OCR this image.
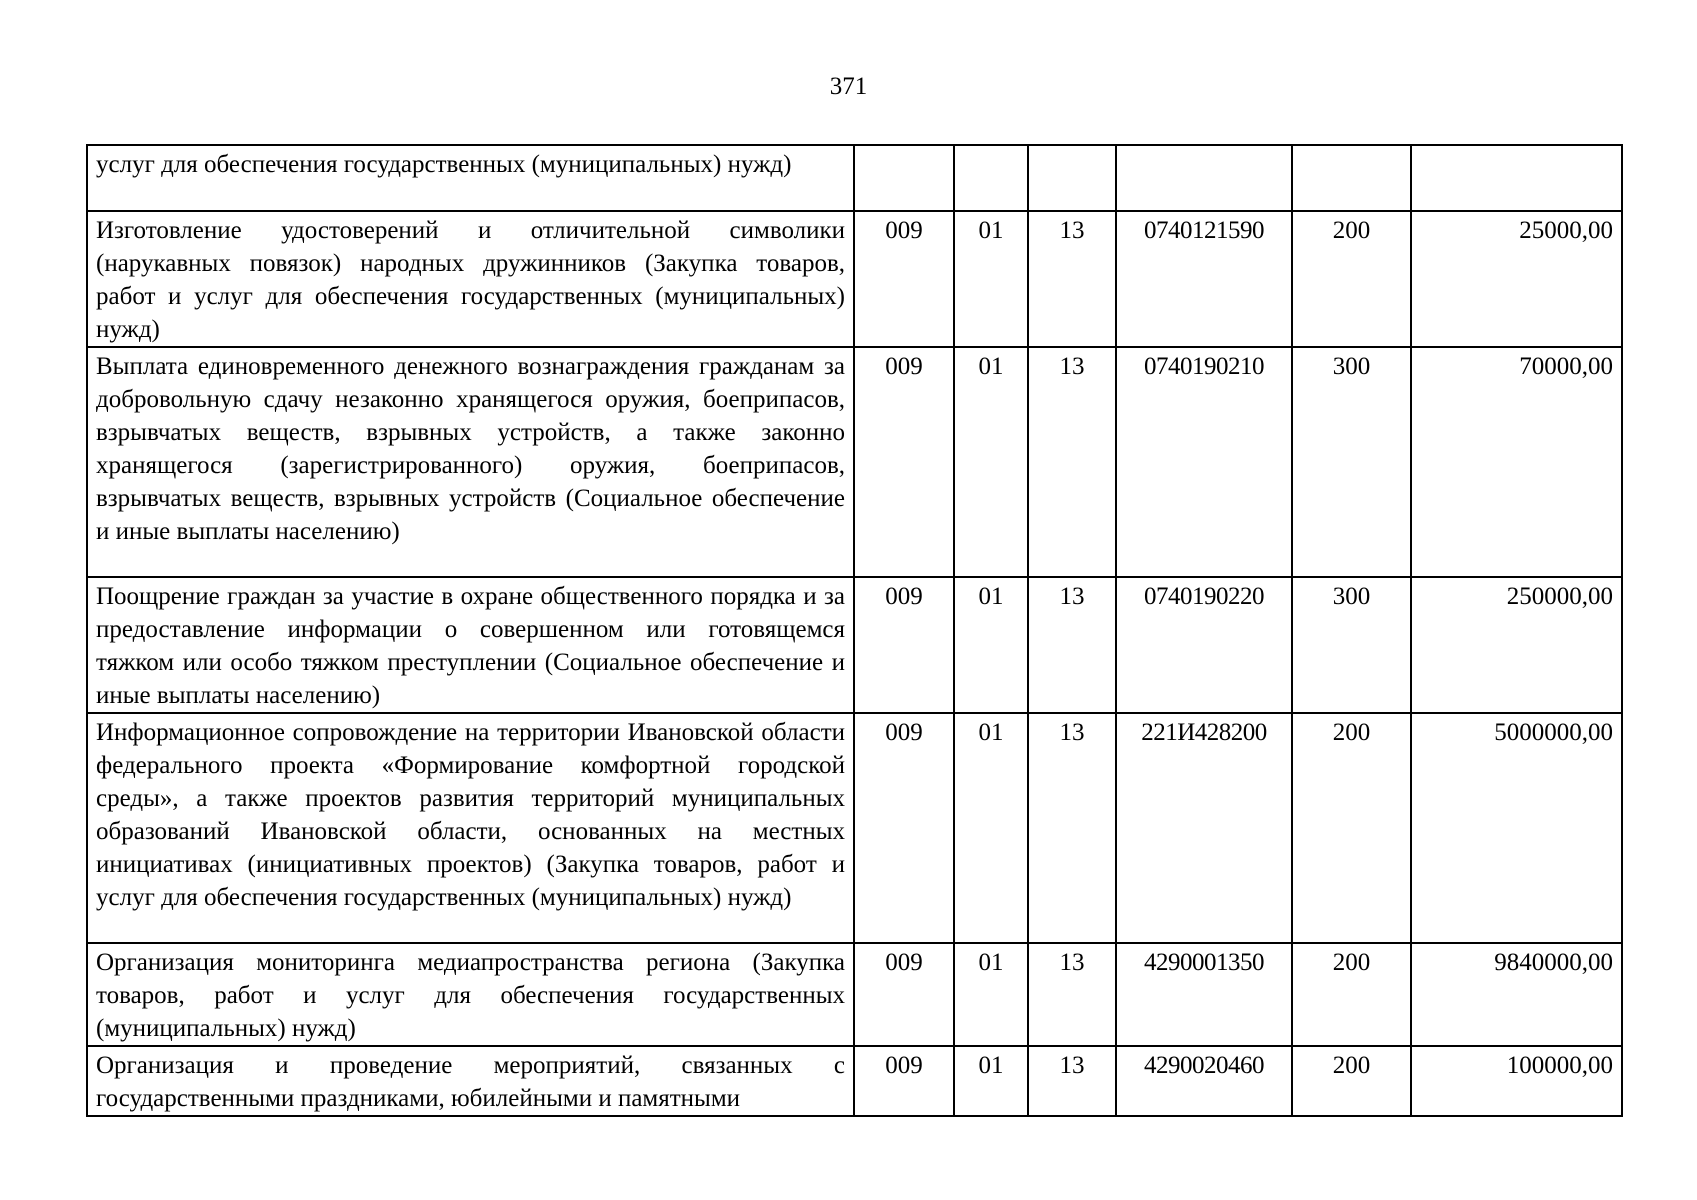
371
услуг для обеспечения государственных (муниципальных) нужд)						
Изготовление удостоверений и отличительной символики (нарукавных повязок) народных дружинников (Закупка товаров, работ и услуг для обеспечения государственных (муниципальных) нужд)	009	01	13	0740121590	200	25000,00
Выплата единовременного денежного вознаграждения гражданам за добровольную сдачу незаконно хранящегося оружия, боеприпасов, взрывчатых веществ, взрывных устройств, а также законно хранящегося (зарегистрированного) оружия, боеприпасов, взрывчатых веществ, взрывных устройств (Социальное обеспечение и иные выплаты населению)	009	01	13	0740190210	300	70000,00
Поощрение граждан за участие в охране общественного порядка и за предоставление информации о совершенном или готовящемся тяжком или особо тяжком преступлении (Социальное обеспечение и иные выплаты населению)	009	01	13	0740190220	300	250000,00
Информационное сопровождение на территории Ивановской области федерального проекта «Формирование комфортной городской среды», а также проектов развития территорий муниципальных образований Ивановской области, основанных на местных инициативах (инициативных проектов) (Закупка товаров, работ и услуг для обеспечения государственных (муниципальных) нужд)	009	01	13	221И428200	200	5000000,00
Организация мониторинга медиапространства региона (Закупка товаров, работ и услуг для обеспечения государственных (муниципальных) нужд)	009	01	13	4290001350	200	9840000,00
Организация и проведение мероприятий, связанных с государственными праздниками, юбилейными и памятными	009	01	13	4290020460	200	100000,00
